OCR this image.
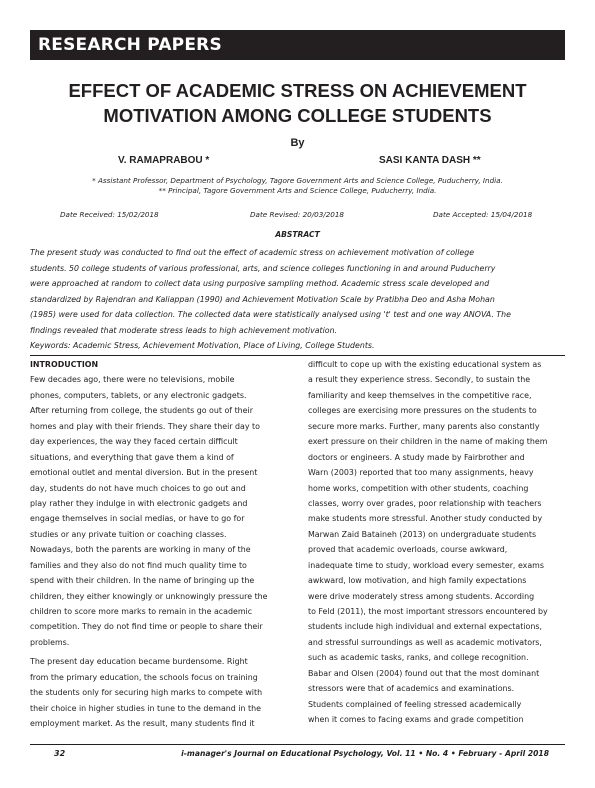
RESEARCH PAPERS
EFFECT OF ACADEMIC STRESS ON ACHIEVEMENT
MOTIVATION AMONG COLLEGE STUDENTS
By
V. RAMAPRABOU *	SASI KANTA DASH **
* Assistant Professor, Department of Psychology, Tagore Government Arts and Science College, Puducherry, India.
** Principal, Tagore Government Arts and Science College, Puducherry, India.
Date Received: 15/02/2018	Date Revised: 20/03/2018	Date Accepted: 15/04/2018
ABSTRACT
The present study was conducted to find out the effect of academic stress on achievement motivation of college
students. 50 college students of various professional, arts, and science colleges functioning in and around Puducherry
were approached at random to collect data using purposive sampling method. Academic stress scale developed and
standardized by Rajendran and Kaliappan (1990) and Achievement Motivation Scale by Pratibha Deo and Asha Mohan
(1985) were used for data collection. The collected data were statistically analysed using 't' test and one way ANOVA. The
findings revealed that moderate stress leads to high achievement motivation.
Keywords: Academic Stress, Achievement Motivation, Place of Living, College Students.
INTRODUCTION
Few decades ago, there were no televisions, mobile
phones, computers, tablets, or any electronic gadgets.
After returning from college, the students go out of their
homes and play with their friends. They share their day to
day experiences, the way they faced certain difficult
situations, and everything that gave them a kind of
emotional outlet and mental diversion. But in the present
day, students do not have much choices to go out and
play rather they indulge in with electronic gadgets and
engage themselves in social medias, or have to go for
studies or any private tuition or coaching classes.
Nowadays, both the parents are working in many of the
families and they also do not find much quality time to
spend with their children. In the name of bringing up the
children, they either knowingly or unknowingly pressure the
children to score more marks to remain in the academic
competition. They do not find time or people to share their
problems.
The present day education became burdensome. Right
from the primary education, the schools focus on training
the students only for securing high marks to compete with
their choice in higher studies in tune to the demand in the
employment market. As the result, many students find it
difficult to cope up with the existing educational system as
a result they experience stress. Secondly, to sustain the
familiarity and keep themselves in the competitive race,
colleges are exercising more pressures on the students to
secure more marks. Further, many parents also constantly
exert pressure on their children in the name of making them
doctors or engineers. A study made by Fairbrother and
Warn (2003) reported that too many assignments, heavy
home works, competition with other students, coaching
classes, worry over grades, poor relationship with teachers
make students more stressful. Another study conducted by
Marwan Zaid Bataineh (2013) on undergraduate students
proved that academic overloads, course awkward,
inadequate time to study, workload every semester, exams
awkward, low motivation, and high family expectations
were drive moderately stress among students. According
to Feld (2011), the most important stressors encountered by
students include high individual and external expectations,
and stressful surroundings as well as academic motivators,
such as academic tasks, ranks, and college recognition.
Babar and Olsen (2004) found out that the most dominant
stressors were that of academics and examinations.
Students complained of feeling stressed academically
when it comes to facing exams and grade competition
32	i-manager's Journal on Educational Psychology, Vol. 11 • No. 4 • February - April 2018
